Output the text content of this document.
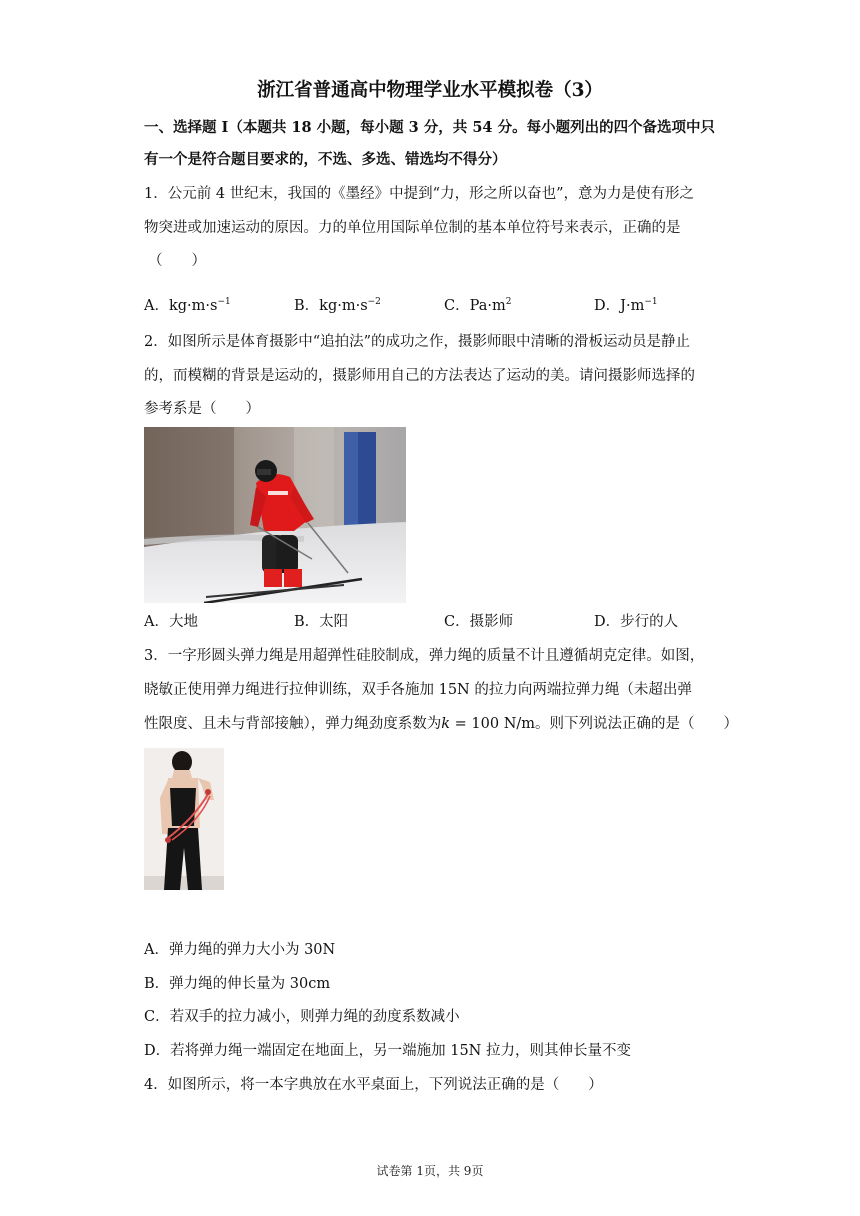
浙江省普通高中物理学业水平模拟卷（3）
一、选择题 I（本题共 18 小题，每小题 3 分，共 54 分。每小题列出的四个备选项中只
有一个是符合题目要求的，不选、多选、错选均不得分）
1．公元前 4 世纪末，我国的《墨经》中提到“力，形之所以奋也”，意为力是使有形之
物突进或加速运动的原因。力的单位用国际单位制的基本单位符号来表示，正确的是
（　　）
A．$kg\cdot m\cdot s^{-1}$	B．$kg\cdot m\cdot s^{-2}$	C．$Pa\cdot m^2$	D．$J\cdot m^{-1}$
2．如图所示是体育摄影中“追拍法”的成功之作，摄影师眼中清晰的滑板运动员是静止
的，而模糊的背景是运动的，摄影师用自己的方法表达了运动的美。请问摄影师选择的
参考系是（　　）
A．大地	B．太阳	C．摄影师	D．步行的人
3．一字形圆头弹力绳是用超弹性硅胶制成，弹力绳的质量不计且遵循胡克定律。如图，
晓敏正使用弹力绳进行拉伸训练，双手各施加 15N 的拉力向两端拉弹力绳（未超出弹
性限度、且未与背部接触），弹力绳劲度系数为k = 100 N/m。则下列说法正确的是（　　）
A．弹力绳的弹力大小为 30N
B．弹力绳的伸长量为 30cm
C．若双手的拉力减小，则弹力绳的劲度系数减小
D．若将弹力绳一端固定在地面上，另一端施加 15N 拉力，则其伸长量不变
4．如图所示，将一本字典放在水平桌面上，下列说法正确的是（　　）
试卷第 1页，共 9页
